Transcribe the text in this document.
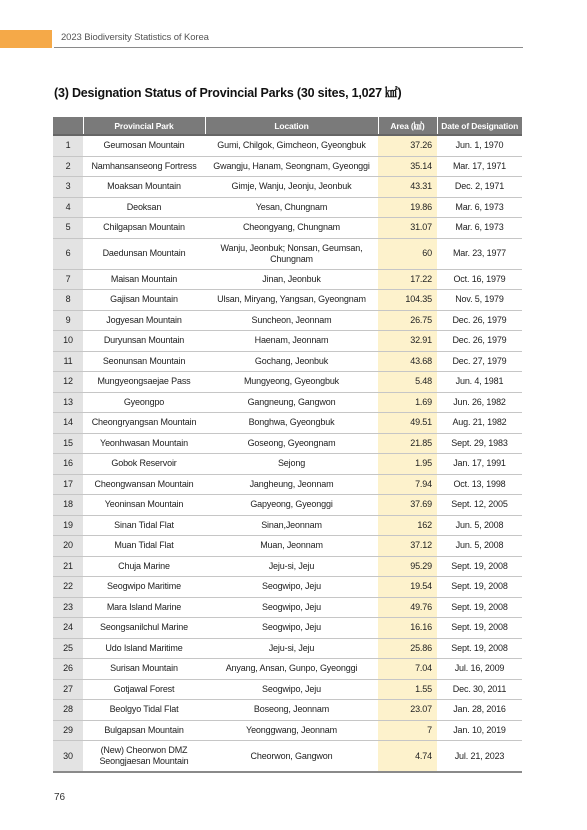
2023 Biodiversity Statistics of Korea
(3) Designation Status of Provincial Parks (30 sites, 1,027 ㎢)
	Provincial Park	Location	Area (㎢)	Date of Designation
1	Geumosan Mountain	Gumi, Chilgok, Gimcheon, Gyeongbuk	37.26	Jun. 1, 1970
2	Namhansanseong Fortress	Gwangju, Hanam, Seongnam, Gyeonggi	35.14	Mar. 17, 1971
3	Moaksan Mountain	Gimje, Wanju, Jeonju, Jeonbuk	43.31	Dec. 2, 1971
4	Deoksan	Yesan, Chungnam	19.86	Mar. 6, 1973
5	Chilgapsan Mountain	Cheongyang, Chungnam	31.07	Mar. 6, 1973
6	Daedunsan Mountain	Wanju, Jeonbuk; Nonsan, Geumsan, Chungnam	60	Mar. 23, 1977
7	Maisan Mountain	Jinan, Jeonbuk	17.22	Oct. 16, 1979
8	Gajisan Mountain	Ulsan, Miryang, Yangsan, Gyeongnam	104.35	Nov. 5, 1979
9	Jogyesan Mountain	Suncheon, Jeonnam	26.75	Dec. 26, 1979
10	Duryunsan Mountain	Haenam, Jeonnam	32.91	Dec. 26, 1979
11	Seonunsan Mountain	Gochang, Jeonbuk	43.68	Dec. 27, 1979
12	Mungyeongsaejae Pass	Mungyeong, Gyeongbuk	5.48	Jun. 4, 1981
13	Gyeongpo	Gangneung, Gangwon	1.69	Jun. 26, 1982
14	Cheongryangsan Mountain	Bonghwa, Gyeongbuk	49.51	Aug. 21, 1982
15	Yeonhwasan Mountain	Goseong, Gyeongnam	21.85	Sept. 29, 1983
16	Gobok Reservoir	Sejong	1.95	Jan. 17, 1991
17	Cheongwansan Mountain	Jangheung, Jeonnam	7.94	Oct. 13, 1998
18	Yeoninsan Mountain	Gapyeong, Gyeonggi	37.69	Sept. 12, 2005
19	Sinan Tidal Flat	Sinan,Jeonnam	162	Jun. 5, 2008
20	Muan Tidal Flat	Muan, Jeonnam	37.12	Jun. 5, 2008
21	Chuja Marine	Jeju-si, Jeju	95.29	Sept. 19, 2008
22	Seogwipo Maritime	Seogwipo, Jeju	19.54	Sept. 19, 2008
23	Mara Island Marine	Seogwipo, Jeju	49.76	Sept. 19, 2008
24	Seongsanilchul Marine	Seogwipo, Jeju	16.16	Sept. 19, 2008
25	Udo Island Maritime	Jeju-si, Jeju	25.86	Sept. 19, 2008
26	Surisan Mountain	Anyang, Ansan, Gunpo, Gyeonggi	7.04	Jul. 16, 2009
27	Gotjawal Forest	Seogwipo, Jeju	1.55	Dec. 30, 2011
28	Beolgyo Tidal Flat	Boseong, Jeonnam	23.07	Jan. 28, 2016
29	Bulgapsan Mountain	Yeonggwang, Jeonnam	7	Jan. 10, 2019
30	(New) Cheorwon DMZ Seongjaesan Mountain	Cheorwon, Gangwon	4.74	Jul. 21, 2023
76
